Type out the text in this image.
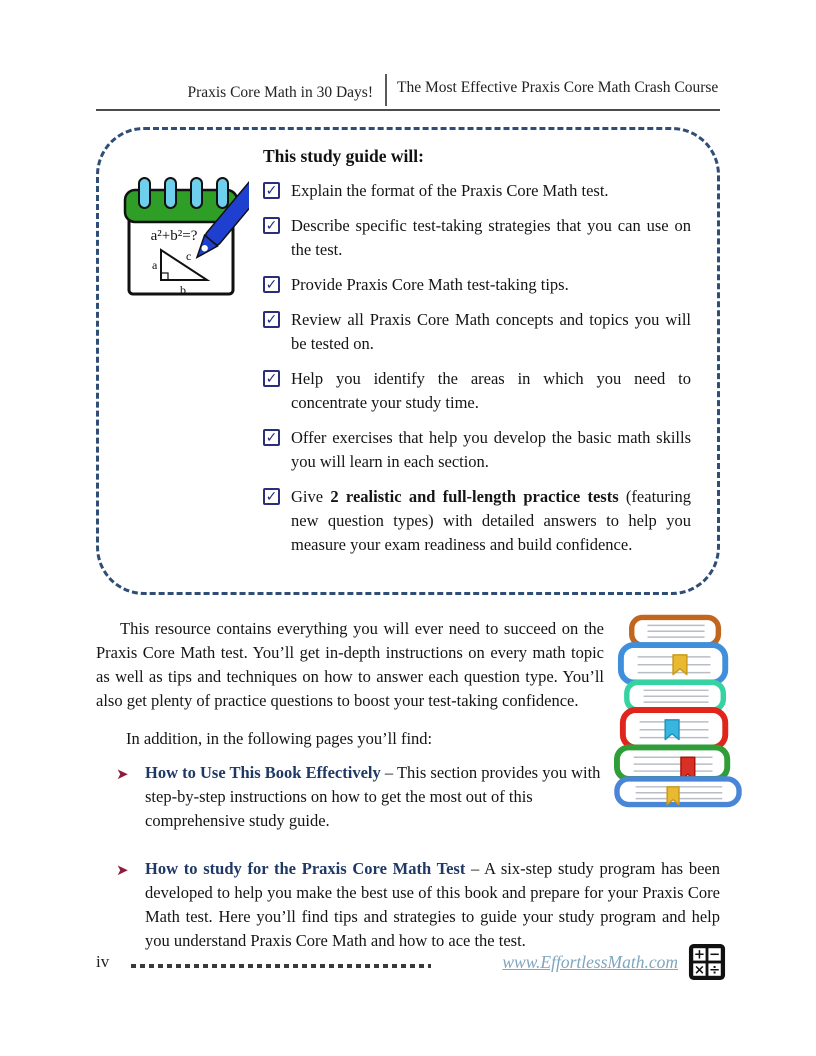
Praxis Core Math in 30 Days!	The Most Effective Praxis Core Math Crash Course
a²+b²=?
a
c
b
This study guide will:
✓ Explain the format of the Praxis Core Math test.
✓ Describe specific test-taking strategies that you can use on the test.
✓ Provide Praxis Core Math test-taking tips.
✓ Review all Praxis Core Math concepts and topics you will be tested on.
✓ Help you identify the areas in which you need to concentrate your study time.
✓ Offer exercises that help you develop the basic math skills you will learn in each section.
✓ Give 2 realistic and full-length practice tests (featuring new question types) with detailed answers to help you measure your exam readiness and build confidence.

This resource contains everything you will ever need to succeed on the Praxis Core Math test. You’ll get in-depth instructions on every math topic as well as tips and techniques on how to answer each question type. You’ll also get plenty of practice questions to boost your test-taking confidence.

In addition, in the following pages you’ll find:

➤ How to Use This Book Effectively – This section provides you with step-by-step instructions on how to get the most out of this comprehensive study guide.
➤ How to study for the Praxis Core Math Test – A six-step study program has been developed to help you make the best use of this book and prepare for your Praxis Core Math test. Here you’ll find tips and strategies to guide your study program and help you understand Praxis Core Math and how to ace the test.
iv	www.EffortlessMath.com + −
× ÷
